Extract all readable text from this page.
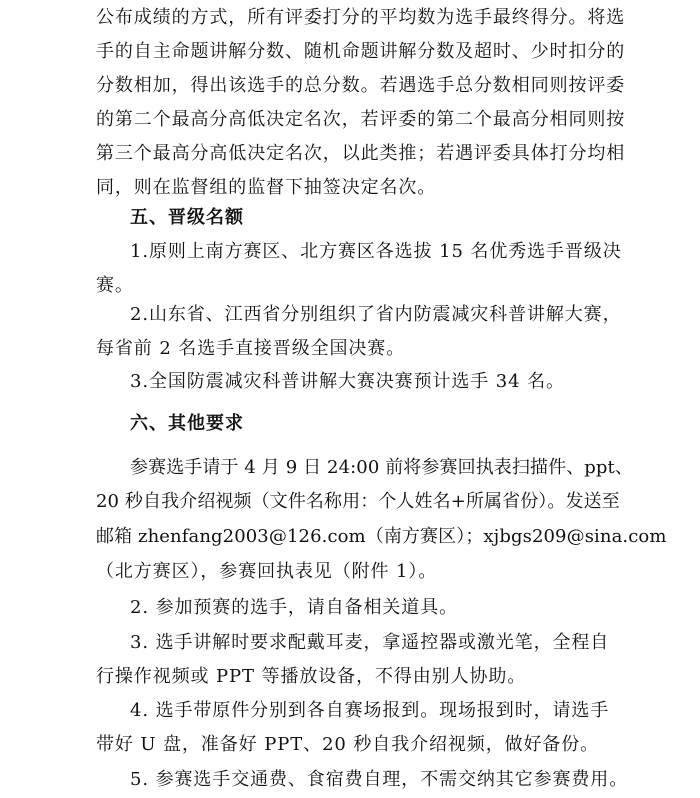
公布成绩的方式，所有评委打分的平均数为选手最终得分。将选
手的自主命题讲解分数、随机命题讲解分数及超时、少时扣分的
分数相加，得出该选手的总分数。若遇选手总分数相同则按评委
的第二个最高分高低决定名次，若评委的第二个最高分相同则按
第三个最高分高低决定名次，以此类推；若遇评委具体打分均相
同，则在监督组的监督下抽签决定名次。
五、晋级名额
1.原则上南方赛区、北方赛区各选拔 15 名优秀选手晋级决
赛。
2.山东省、江西省分别组织了省内防震减灾科普讲解大赛，
每省前 2 名选手直接晋级全国决赛。
3.全国防震减灾科普讲解大赛决赛预计选手 34 名。
六、其他要求
参赛选手请于 4 月 9 日 24:00 前将参赛回执表扫描件、ppt、
20 秒自我介绍视频（文件名称用：个人姓名+所属省份）。发送至
邮箱 zhenfang2003@126.com（南方赛区）；xjbgs209@sina.com
（北方赛区），参赛回执表见（附件 1）。
2. 参加预赛的选手，请自备相关道具。
3. 选手讲解时要求配戴耳麦，拿遥控器或激光笔，全程自
行操作视频或 PPT 等播放设备，不得由别人协助。
4. 选手带原件分别到各自赛场报到。现场报到时，请选手
带好 U 盘，准备好 PPT、20 秒自我介绍视频，做好备份。
5. 参赛选手交通费、食宿费自理，不需交纳其它参赛费用。
